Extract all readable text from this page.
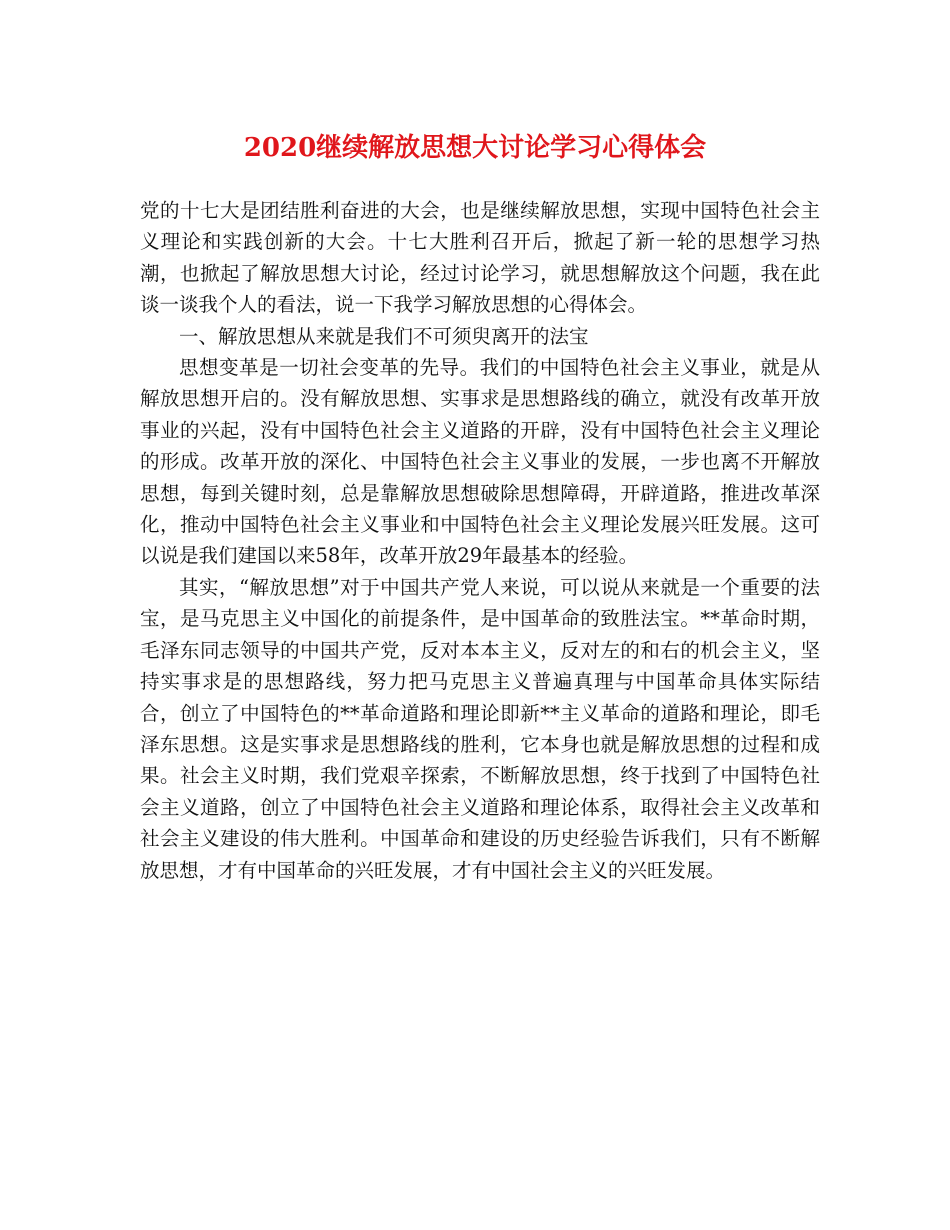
2020继续解放思想大讨论学习心得体会

党的十七大是团结胜利奋进的大会，也是继续解放思想，实现中国特色社会主义理论和实践创新的大会。十七大胜利召开后，掀起了新一轮的思想学习热潮，也掀起了解放思想大讨论，经过讨论学习，就思想解放这个问题，我在此谈一谈我个人的看法，说一下我学习解放思想的心得体会。

一、解放思想从来就是我们不可须臾离开的法宝

思想变革是一切社会变革的先导。我们的中国特色社会主义事业，就是从解放思想开启的。没有解放思想、实事求是思想路线的确立，就没有改革开放事业的兴起，没有中国特色社会主义道路的开辟，没有中国特色社会主义理论的形成。改革开放的深化、中国特色社会主义事业的发展，一步也离不开解放思想，每到关键时刻，总是靠解放思想破除思想障碍，开辟道路，推进改革深化，推动中国特色社会主义事业和中国特色社会主义理论发展兴旺发展。这可以说是我们建国以来58年，改革开放29年最基本的经验。

其实，“解放思想”对于中国共产党人来说，可以说从来就是一个重要的法宝，是马克思主义中国化的前提条件，是中国革命的致胜法宝。**革命时期，毛泽东同志领导的中国共产党，反对本本主义，反对左的和右的机会主义，坚持实事求是的思想路线，努力把马克思主义普遍真理与中国革命具体实际结合，创立了中国特色的**革命道路和理论即新**主义革命的道路和理论，即毛泽东思想。这是实事求是思想路线的胜利，它本身也就是解放思想的过程和成果。社会主义时期，我们党艰辛探索，不断解放思想，终于找到了中国特色社会主义道路，创立了中国特色社会主义道路和理论体系，取得社会主义改革和社会主义建设的伟大胜利。中国革命和建设的历史经验告诉我们，只有不断解放思想，才有中国革命的兴旺发展，才有中国社会主义的兴旺发展。
